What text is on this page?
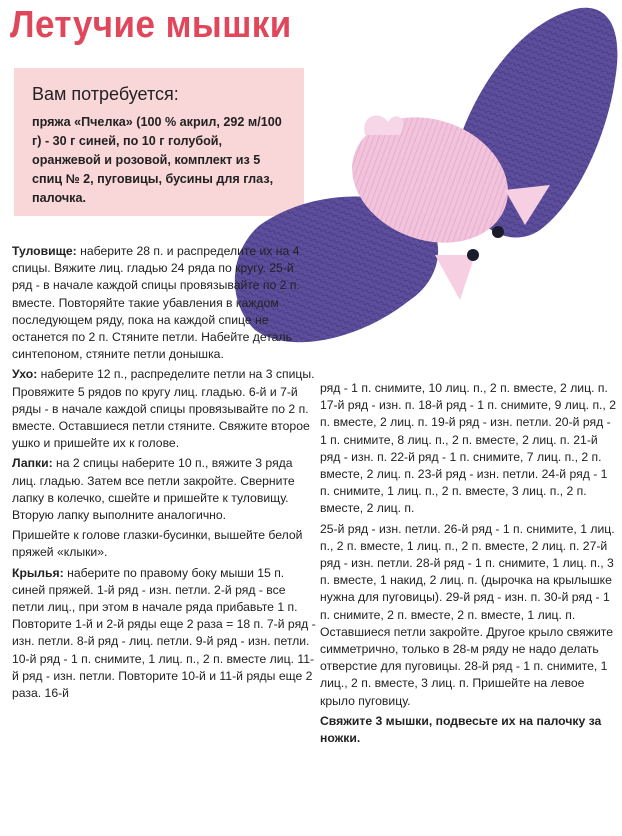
Летучие мышки
Вам потребуется:
пряжа «Пчелка» (100 % акрил, 292 м/100 г) - 30 г синей, по 10 г голубой, оранжевой и розовой, комплект из 5 спиц № 2, пуговицы, бусины для глаз, палочка.

Туловище: наберите 28 п. и распределите их на 4 спицы. Вяжите лиц. гладью 24 ряда по кругу. 25-й ряд - в начале каждой спицы провязывайте по 2 п. вместе. Повторяйте такие убавления в каждом последующем ряду, пока на каждой спице не останется по 2 п. Стяните петли. Набейте деталь синтепоном, стяните петли донышка.

Ухо: наберите 12 п., распределите петли на 3 спицы. Провяжите 5 рядов по кругу лиц. гладью. 6-й и 7-й ряды - в начале каждой спицы провязывайте по 2 п. вместе. Оставшиеся петли стяните. Свяжите второе ушко и пришейте их к голове.

Лапки: на 2 спицы наберите 10 п., вяжите 3 ряда лиц. гладью. Затем все петли закройте. Сверните лапку в колечко, сшейте и пришейте к туловищу. Вторую лапку выполните аналогично.

Пришейте к голове глазки-бусинки, вышейте белой пряжей «клыки».

Крылья: наберите по правому боку мыши 15 п. синей пряжей. 1-й ряд - изн. петли. 2-й ряд - все петли лиц., при этом в начале ряда прибавьте 1 п. Повторите 1-й и 2-й ряды еще 2 раза = 18 п. 7-й ряд - изн. петли. 8-й ряд - лиц. петли. 9-й ряд - изн. петли. 10-й ряд - 1 п. снимите, 1 лиц. п., 2 п. вместе лиц. 11-й ряд - изн. петли. Повторите 10-й и 11-й ряды еще 2 раза. 16-й

ряд - 1 п. снимите, 10 лиц. п., 2 п. вместе, 2 лиц. п. 17-й ряд - изн. п. 18-й ряд - 1 п. снимите, 9 лиц. п., 2 п. вместе, 2 лиц. п. 19-й ряд - изн. петли. 20-й ряд - 1 п. снимите, 8 лиц. п., 2 п. вместе, 2 лиц. п. 21-й ряд - изн. п. 22-й ряд - 1 п. снимите, 7 лиц. п., 2 п. вместе, 2 лиц. п. 23-й ряд - изн. петли. 24-й ряд - 1 п. снимите, 1 лиц. п., 2 п. вместе, 3 лиц. п., 2 п. вместе, 2 лиц. п.

25-й ряд - изн. петли. 26-й ряд - 1 п. снимите, 1 лиц. п., 2 п. вместе, 1 лиц. п., 2 п. вместе, 2 лиц. п. 27-й ряд - изн. петли. 28-й ряд - 1 п. снимите, 1 лиц. п., 3 п. вместе, 1 накид, 2 лиц. п. (дырочка на крылышке нужна для пуговицы). 29-й ряд - изн. п. 30-й ряд - 1 п. снимите, 2 п. вместе, 2 п. вместе, 1 лиц. п. Оставшиеся петли закройте. Другое крыло свяжите симметрично, только в 28-м ряду не надо делать отверстие для пуговицы. 28-й ряд - 1 п. снимите, 1 лиц., 2 п. вместе, 3 лиц. п. Пришейте на левое крыло пуговицу.

Свяжите 3 мышки, подвесьте их на палочку за ножки.
